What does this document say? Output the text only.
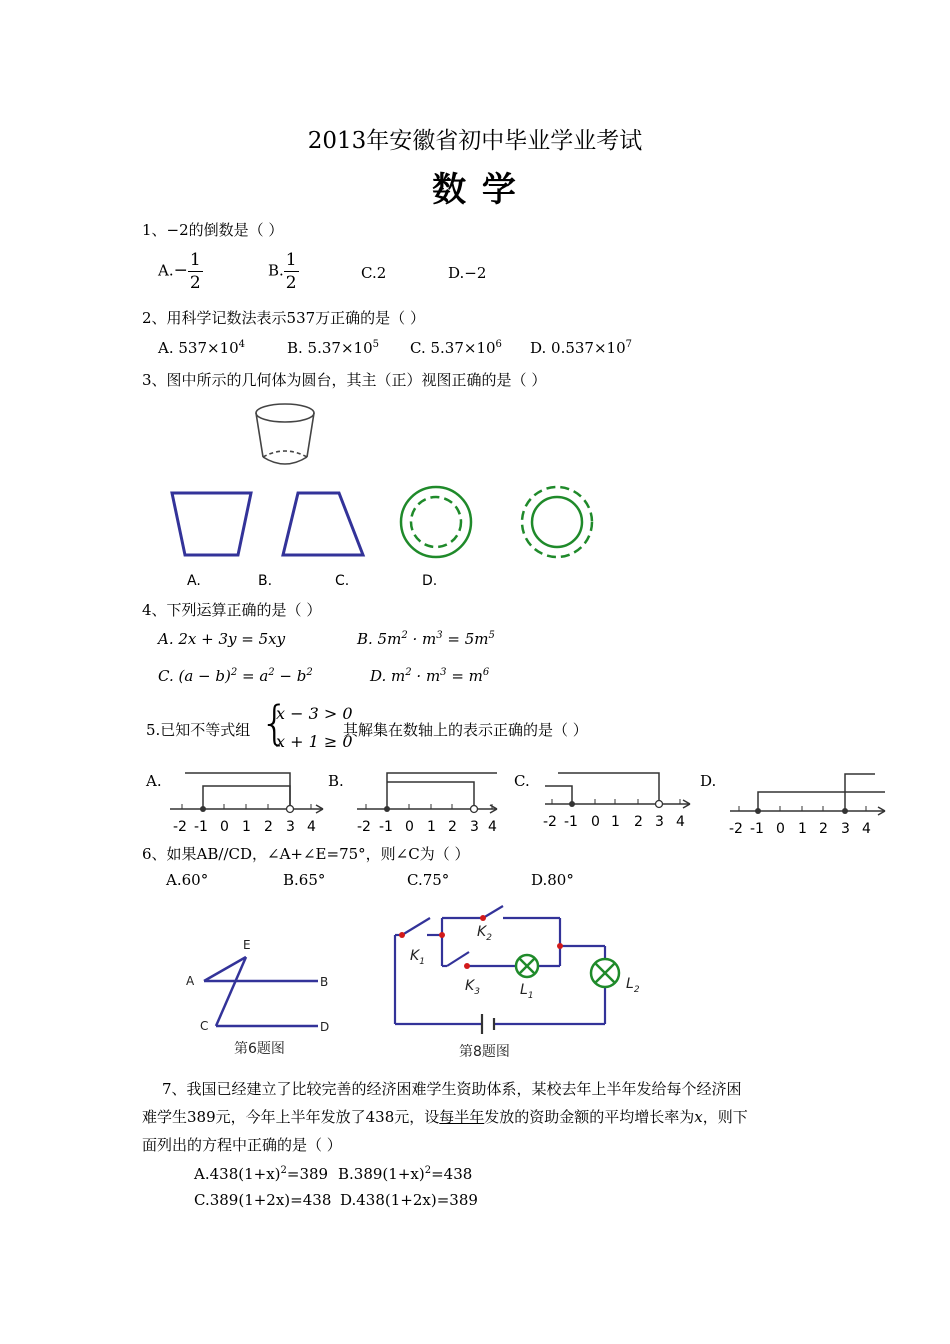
2013年安徽省初中毕业学业考试
数 学
1、−2的倒数是（ ）
$A.- \frac{1}{2}$	B. $\frac{1}{2}$	C.2	D.−2
2、用科学记数法表示537万正确的是（ ）
A. $537\times 10^4$	B. $5.37\times 10^5$ C. $5.37\times 10^6$ D. $0.537\times 10^7$
3、图中所示的几何体为圆台，其主（正）视图正确的是（ ）
A.	B.	C.	D.
4、下列运算正确的是（ ）
A. 2x + 3y = 5xy	B. $5m^2 \cdot m^3 = 5m^5$
C. $(a - b)^2 = a^2 - b^2$	D. $m^2 \cdot m^3 = m^6$
5.已知不等式组 {
x − 3 > 0
x + 1 ≥ 0
其解集在数轴上的表示正确的是（ ）
A.	B.	C.	D.
-2 -1 0 1 2 3 4	-2 -1 0 1 2 3 4	-2 -1 0 1 2 3 4	-2 -1 0 1 2 3 4
6、如果AB//CD，∠A+∠E=75°，则∠C为（ ）
A.60°	B.65°	C.75°	D.80°
E
A	B
C	D
第6题图
$K_1$
$K_2$
$K_3$	$L_1$
$L_2$
第8题图
7、我国已经建立了比较完善的经济困难学生资助体系，某校去年上半年发给每个经济困
难学生389元，今年上半年发放了438元，设每半年发放的资助金额的平均增长率为x，则下
面列出的方程中正确的是（ ）
$A.438(1+x)^2=389$ $B.389(1+x)^2=438$
C.389(1+2x)=438 D.438(1+2x)=389
